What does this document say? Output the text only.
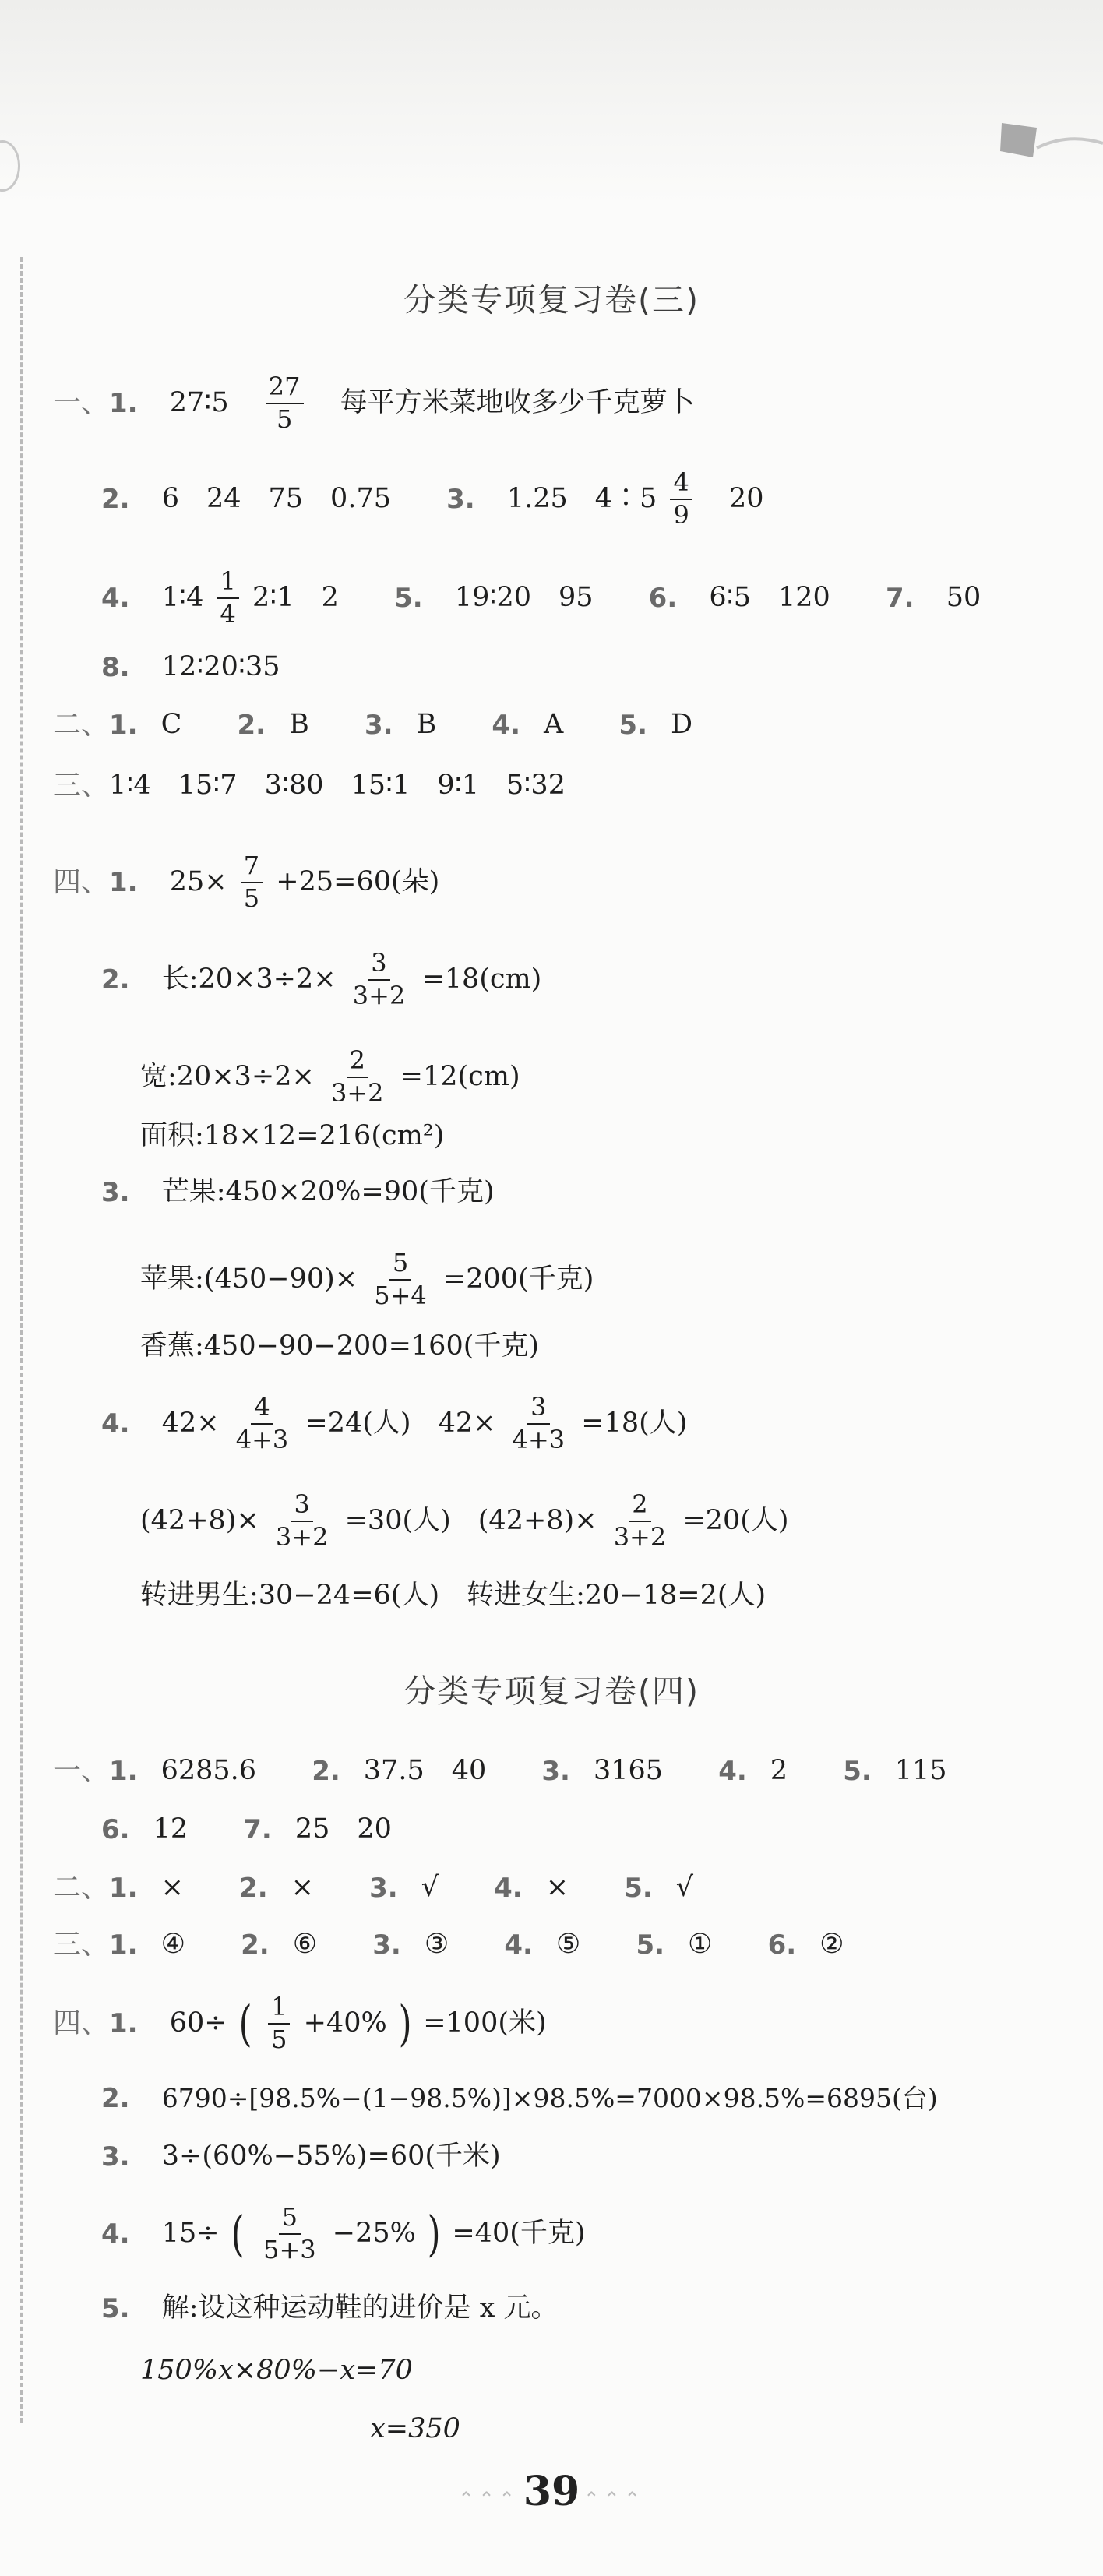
分类专项复习卷(三)
一、1. 27∶5 $\frac{27}{5}$ 每平方米菜地收多少千克萝卜
2. 6　24　75　0.75 3. 1.25　4∶5 $\frac{4}{9} 20$
4. 1∶4 $\frac{1}{4}$ 2∶1　2 5. 19∶20　95 6. 6∶5　120 7. 50
8. 12∶20∶35
二、1. C 2. B 3. B 4. A 5. D
三、1∶4　15∶7　3∶80　15∶1　9∶1　5∶32
四、1. $25\times \frac{7}{5} +25=60$(朵)
2. 长:20×3÷2× $\frac{3}{3+2} =18(cm)$
宽:20×3÷2× $\frac{2}{3+2} =12(cm)$
面积:18×12=216(cm²)
3. 芒果:450×20%=90(千克)
苹果:(450−90)× $\frac{5}{5+4} =200$(千克)
香蕉:450−90−200=160(千克)
4. $42\times \frac{4}{4+3} =24$(人)　$42\times \frac{3}{4+3} =18$(人)
$(42+8)\times \frac{3}{3+2} =30$(人)　$(42+8)\times \frac{2}{3+2} =20$(人)
转进男生:30−24=6(人)　转进女生:20−18=2(人)
分类专项复习卷(四)
一、1. 6285.6 2. 37.5　40 3. 3165 4. 2 5. 115
6. 12 7. 25　20
二、1. × 2. × 3. √ 4. × 5. √
三、1. ④ 2. ⑥ 3. ③ 4. ⑤ 5. ① 6. ②
四、1. 60÷ ( $\frac{1}{5} +40\%$ ) =100(米)
2. 6790÷[98.5%−(1−98.5%)]×98.5%=7000×98.5%=6895(台)
3. 3÷(60%−55%)=60(千米)
4. 15÷ ( $\frac{5}{5+3} -25\%$ ) =40(千克)
5. 解:设这种运动鞋的进价是 x 元。
150%x×80%−x=70
x=350
⌃⌃⌃ 39 ⌃⌃⌃
